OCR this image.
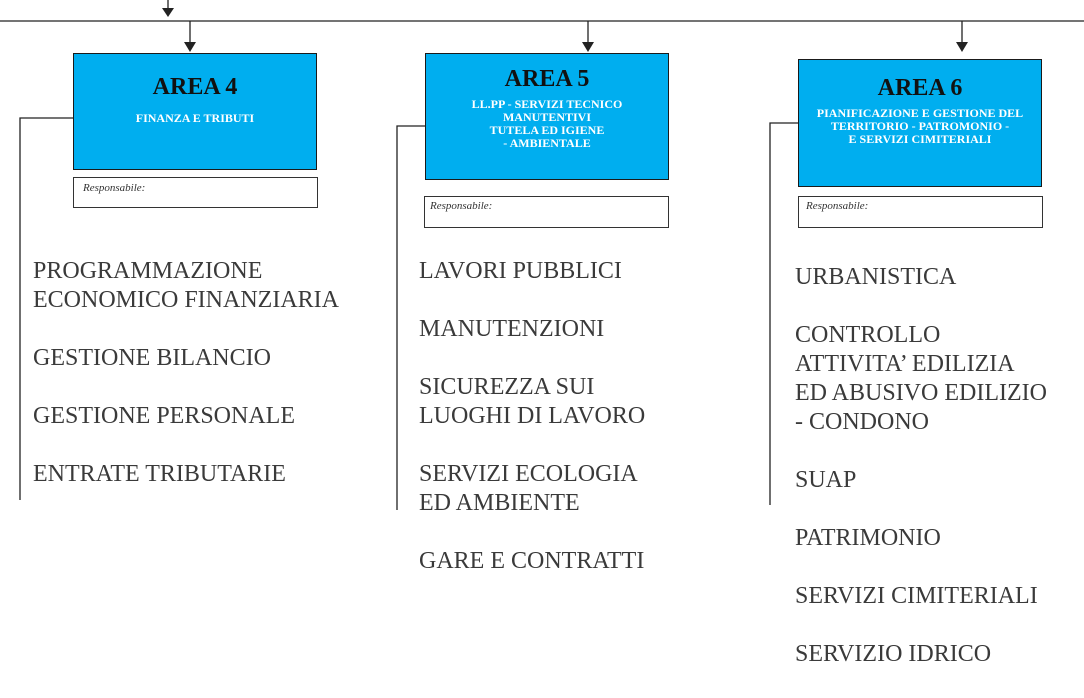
AREA 4
FINANZA E TRIBUTI
Responsabile:
PROGRAMMAZIONE
ECONOMICO FINANZIARIA
GESTIONE BILANCIO
GESTIONE PERSONALE
ENTRATE TRIBUTARIE
AREA 5
LL.PP - SERVIZI TECNICO
MANUTENTIVI
TUTELA ED IGIENE
- AMBIENTALE
Responsabile:
LAVORI PUBBLICI
MANUTENZIONI
SICUREZZA SUI
LUOGHI DI LAVORO
SERVIZI ECOLOGIA
ED AMBIENTE
GARE E CONTRATTI
AREA 6
PIANIFICAZIONE E GESTIONE DEL
TERRITORIO - PATROMONIO -
E SERVIZI CIMITERIALI
Responsabile:
URBANISTICA
CONTROLLO
ATTIVITA’ EDILIZIA
ED ABUSIVO EDILIZIO
- CONDONO
SUAP
PATRIMONIO
SERVIZI CIMITERIALI
SERVIZIO IDRICO
